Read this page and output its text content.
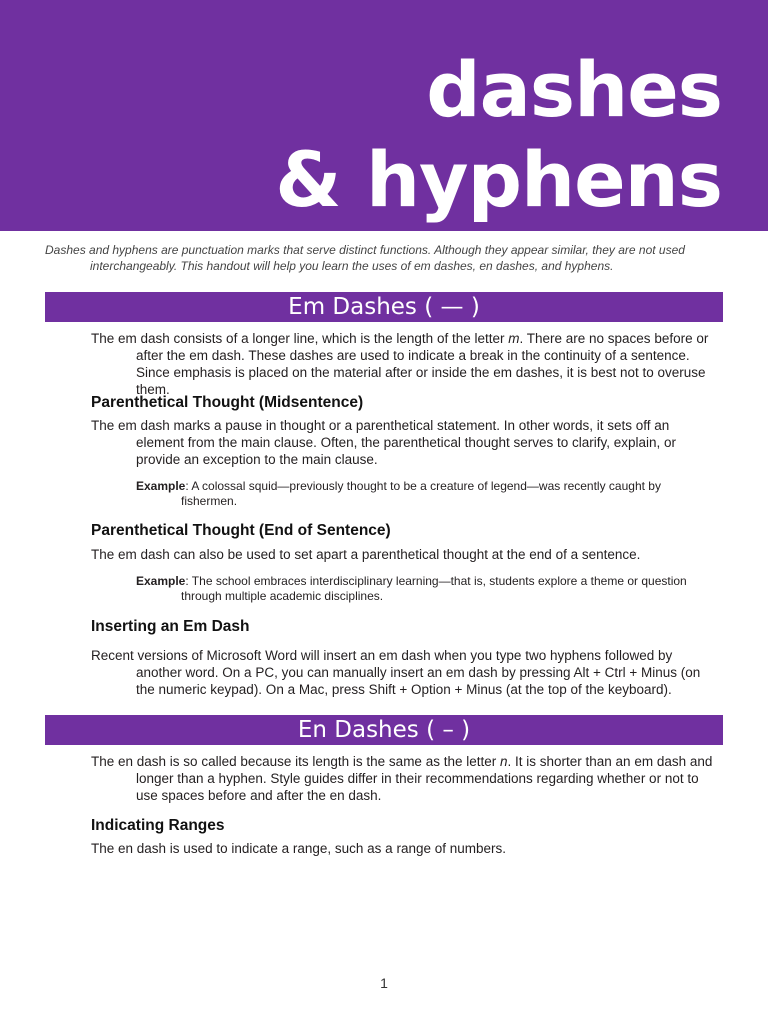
dashes
& hyphens
Dashes and hyphens are punctuation marks that serve distinct functions. Although they appear similar, they are not used interchangeably. This handout will help you learn the uses of em dashes, en dashes, and hyphens.
Em Dashes ( — )
The em dash consists of a longer line, which is the length of the letter m. There are no spaces before or after the em dash. These dashes are used to indicate a break in the continuity of a sentence. Since emphasis is placed on the material after or inside the em dashes, it is best not to overuse them.
Parenthetical Thought (Midsentence)
The em dash marks a pause in thought or a parenthetical statement. In other words, it sets off an element from the main clause. Often, the parenthetical thought serves to clarify, explain, or provide an exception to the main clause.
Example: A colossal squid—previously thought to be a creature of legend—was recently caught by fishermen.
Parenthetical Thought (End of Sentence)
The em dash can also be used to set apart a parenthetical thought at the end of a sentence.
Example: The school embraces interdisciplinary learning—that is, students explore a theme or question through multiple academic disciplines.
Inserting an Em Dash
Recent versions of Microsoft Word will insert an em dash when you type two hyphens followed by another word. On a PC, you can manually insert an em dash by pressing Alt + Ctrl + Minus (on the numeric keypad). On a Mac, press Shift + Option + Minus (at the top of the keyboard).
En Dashes ( – )
The en dash is so called because its length is the same as the letter n. It is shorter than an em dash and longer than a hyphen. Style guides differ in their recommendations regarding whether or not to use spaces before and after the en dash.
Indicating Ranges
The en dash is used to indicate a range, such as a range of numbers.
1
